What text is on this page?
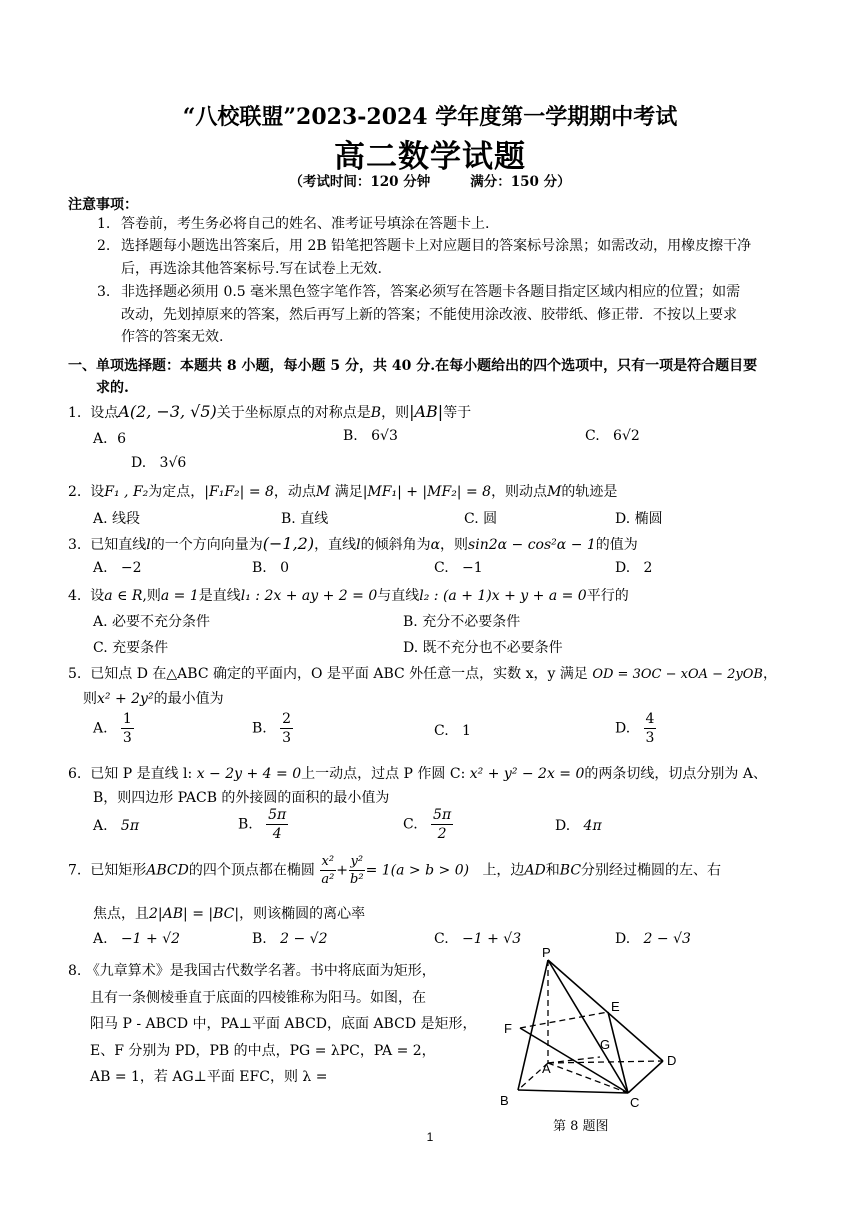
“八校联盟”2023-2024 学年度第一学期期中考试
高二数学试题
（考试时间：120 分钟	满分：150 分）
注意事项：
1. 答卷前，考生务必将自己的姓名、准考证号填涂在答题卡上.
2. 选择题每小题选出答案后，用 2B 铅笔把答题卡上对应题目的答案标号涂黑；如需改动，用橡皮擦干净
后，再选涂其他答案标号.写在试卷上无效.
3. 非选择题必须用 0.5 毫米黑色签字笔作答，答案必须写在答题卡各题目指定区域内相应的位置；如需
改动，先划掉原来的答案，然后再写上新的答案；不能使用涂改液、胶带纸、修正带．不按以上要求
作答的答案无效.
一、单项选择题：本题共 8 小题，每小题 5 分，共 40 分.在每小题给出的四个选项中，只有一项是符合题目要
求的.
1. 设点A(2, −3, √5)关于坐标原点的对称点是B，则|AB|等于
A．6	B. 6√3	C. 6√2
D. 3√6
2. 设F₁ , F₂为定点，|F₁F₂| = 8，动点M 满足|MF₁| + |MF₂| = 8，则动点M的轨迹是
A. 线段	B. 直线	C. 圆	D. 椭圆
3. 已知直线l的一个方向向量为(−1,2)，直线l的倾斜角为α，则sin2α − cos²α − 1的值为
A. −2	B. 0	C. −1	D. 2
4. 设a ∈ R,则a = 1是直线l₁ : 2x + ay + 2 = 0与直线l₂ : (a + 1)x + y + a = 0平行的
A. 必要不充分条件	B. 充分不必要条件
C. 充要条件	D. 既不充分也不必要条件
5. 已知点 D 在△ABC 确定的平面内，O 是平面 ABC 外任意一点，实数 x，y 满足 OD = 3OC − xOA − 2yOB，
则x² + 2y²的最小值为
A. $\frac{1}{3}$	B. $\frac{2}{3}$	C. 1	D. $\frac{4}{3}$
6. 已知 P 是直线 l: x − 2y + 4 = 0上一动点，过点 P 作圆 C: x² + y² − 2x = 0的两条切线，切点分别为 A、
B，则四边形 PACB 的外接圆的面积的最小值为
A. 5π	B. $\frac{5\pi}{4}$	C. $\frac{5\pi}{2}$	D. 4π
7. 已知矩形ABCD的四个顶点都在椭圆 $\frac{\text{x²}}{\text{a²}} + \frac{\text{y²}}{\text{b²}} = 1(a > b > 0)$ 上，边AD和BC分别经过椭圆的左、右
焦点，且2|AB| = |BC|，则该椭圆的离心率
A. −1 + √2	B. 2 − √2	C. −1 + √3	D. 2 − √3
8. 《九章算术》是我国古代数学名著。书中将底面为矩形，
且有一条侧棱垂直于底面的四棱锥称为阳马。如图，在
阳马 P - ABCD 中，PA⊥平面 ABCD，底面 ABCD 是矩形，
E、F 分别为 PD，PB 的中点，PG = λPC，PA = 2，
AB = 1，若 AG⊥平面 EFC，则 λ =
P
E
F
G
A
D
B	C
第 8 题图
1
